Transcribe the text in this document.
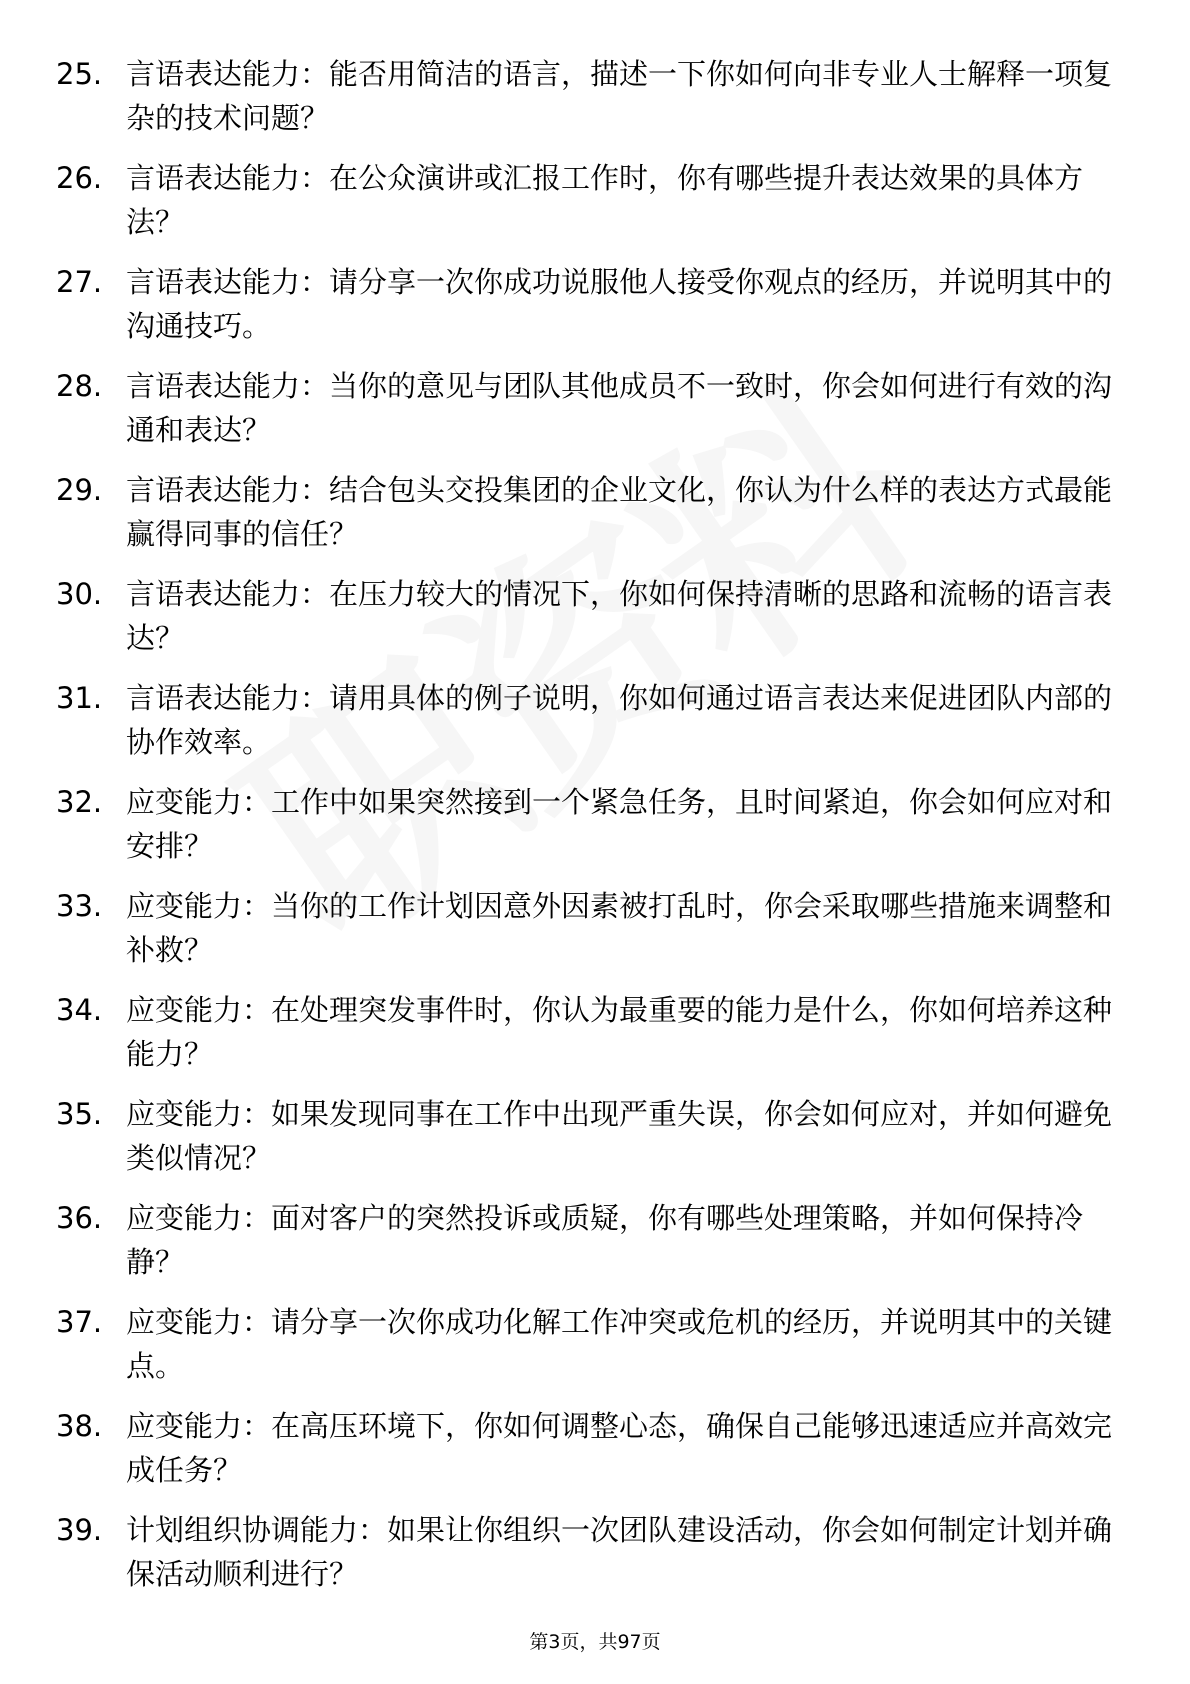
25. 言语表达能力：能否用简洁的语言，描述一下你如何向非专业人士解释一项复杂的技术问题？

26. 言语表达能力：在公众演讲或汇报工作时，你有哪些提升表达效果的具体方法？

27. 言语表达能力：请分享一次你成功说服他人接受你观点的经历，并说明其中的沟通技巧。

28. 言语表达能力：当你的意见与团队其他成员不一致时，你会如何进行有效的沟通和表达？

29. 言语表达能力：结合包头交投集团的企业文化，你认为什么样的表达方式最能赢得同事的信任？

30. 言语表达能力：在压力较大的情况下，你如何保持清晰的思路和流畅的语言表达？

31. 言语表达能力：请用具体的例子说明，你如何通过语言表达来促进团队内部的协作效率。

32. 应变能力：工作中如果突然接到一个紧急任务，且时间紧迫，你会如何应对和安排？

33. 应变能力：当你的工作计划因意外因素被打乱时，你会采取哪些措施来调整和补救？

34. 应变能力：在处理突发事件时，你认为最重要的能力是什么，你如何培养这种能力？

35. 应变能力：如果发现同事在工作中出现严重失误，你会如何应对，并如何避免类似情况？

36. 应变能力：面对客户的突然投诉或质疑，你有哪些处理策略，并如何保持冷静？

37. 应变能力：请分享一次你成功化解工作冲突或危机的经历，并说明其中的关键点。

38. 应变能力：在高压环境下，你如何调整心态，确保自己能够迅速适应并高效完成任务？

39. 计划组织协调能力：如果让你组织一次团队建设活动，你会如何制定计划并确保活动顺利进行？

第3页，共97页
